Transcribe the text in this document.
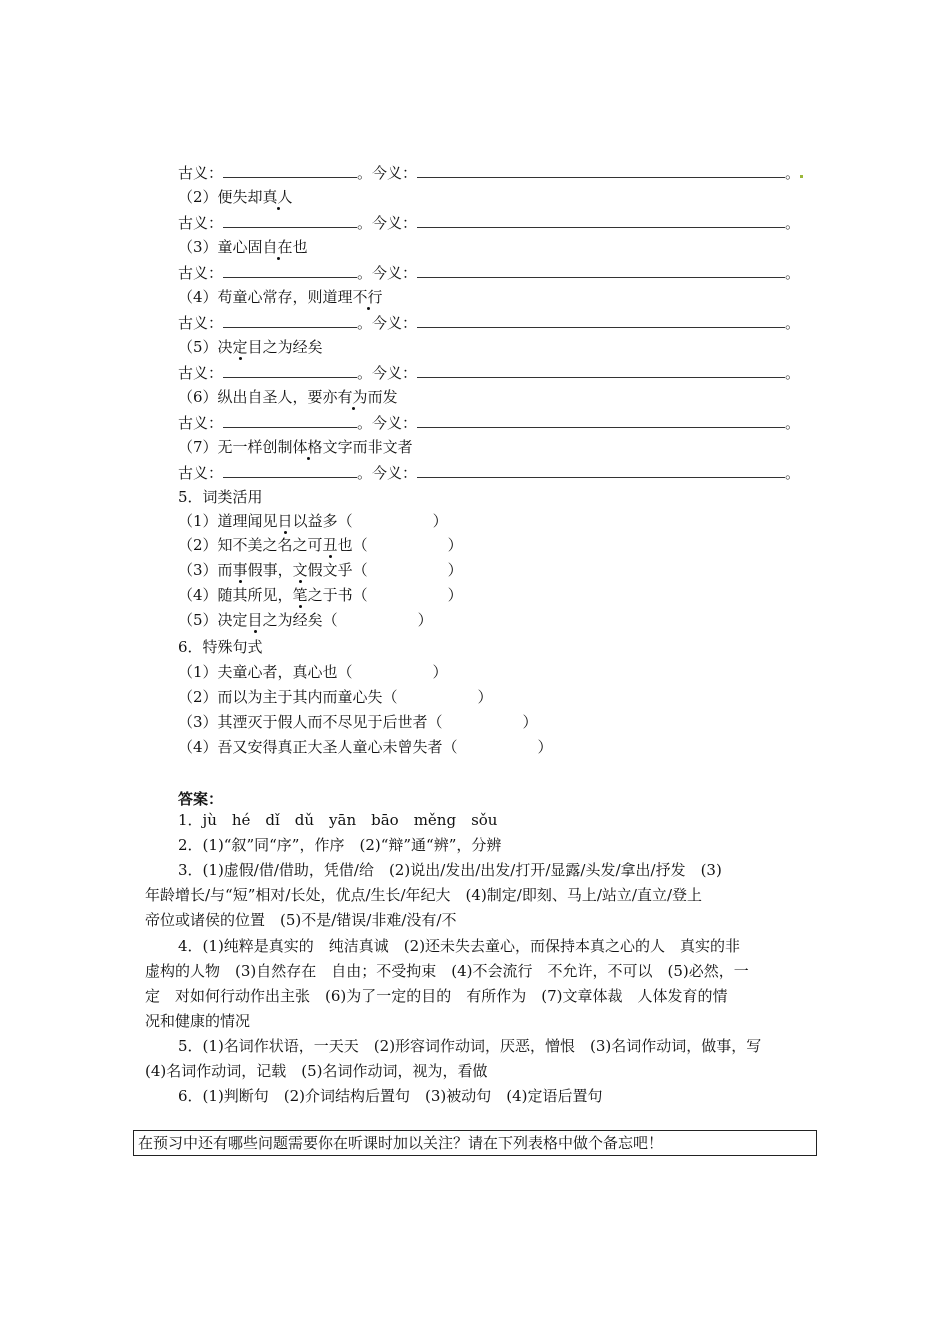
古义：	。今义：	。
（2）便失却真人
古义：	。今义：	。
（3）童心固自在也
古义：	。今义：	。
（4）苟童心常存，则道理不行
古义：	。今义：	。
（5）决定目之为经矣
古义：	。今义：	。
（6）纵出自圣人，要亦有为而发
古义：	。今义：	。
（7）无一样创制体格文字而非文者
古义：	。今义：	。
5．词类活用
（1）道理闻见日以益多（	）
（2）知不美之名之可丑也（	）
（3）而事假事，文假文乎（	）
（4）随其所见，笔之于书（	）
（5）决定目之为经矣（	）
6．特殊句式
（1）夫童心者，真心也（	）
（2）而以为主于其内而童心失（	）
（3）其湮灭于假人而不尽见于后世者（	）
（4）吾又安得真正大圣人童心未曾失者（	）
答案：
1．jù　hé　dǐ　dǔ　yān　bāo　měng　sǒu
2．(1)“叙”同“序”，作序　(2)“辩”通“辨”，分辨
3．(1)虚假/借/借助，凭借/给　(2)说出/发出/出发/打开/显露/头发/拿出/抒发　(3)
年龄增长/与“短”相对/长处，优点/生长/年纪大　(4)制定/即刻、马上/站立/直立/登上
帝位或诸侯的位置　(5)不是/错误/非难/没有/不
4．(1)纯粹是真实的　纯洁真诚　(2)还未失去童心，而保持本真之心的人　真实的非
虚构的人物　(3)自然存在　自由；不受拘束　(4)不会流行　不允许，不可以　(5)必然，一
定　对如何行动作出主张　(6)为了一定的目的　有所作为　(7)文章体裁　人体发育的情
况和健康的情况
5．(1)名词作状语，一天天　(2)形容词作动词，厌恶，憎恨　(3)名词作动词，做事，写
(4)名词作动词，记载　(5)名词作动词，视为，看做
6．(1)判断句　(2)介词结构后置句　(3)被动句　(4)定语后置句
在预习中还有哪些问题需要你在听课时加以关注？请在下列表格中做个备忘吧！
